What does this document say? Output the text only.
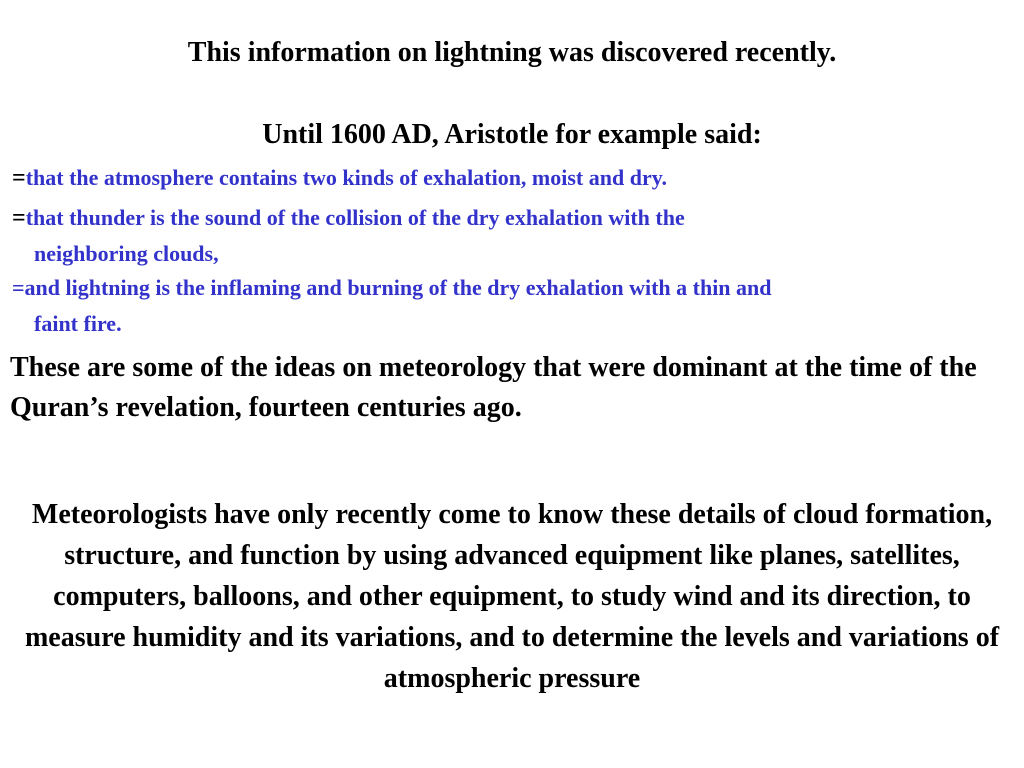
This information on lightning was discovered recently.
Until 1600 AD, Aristotle for example said:
=that the atmosphere contains two kinds of exhalation, moist and dry.
=that thunder is the sound of the collision of the dry exhalation with the
neighboring clouds,
=and lightning is the inflaming and burning of the dry exhalation with a thin and
faint fire.
These are some of the ideas on meteorology that were dominant at the time of the Quran’s revelation, fourteen centuries ago.
Meteorologists have only recently come to know these details of cloud formation, structure, and function by using advanced equipment like planes, satellites, computers, balloons, and other equipment, to study wind and its direction, to measure humidity and its variations, and to determine the levels and variations of atmospheric pressure
